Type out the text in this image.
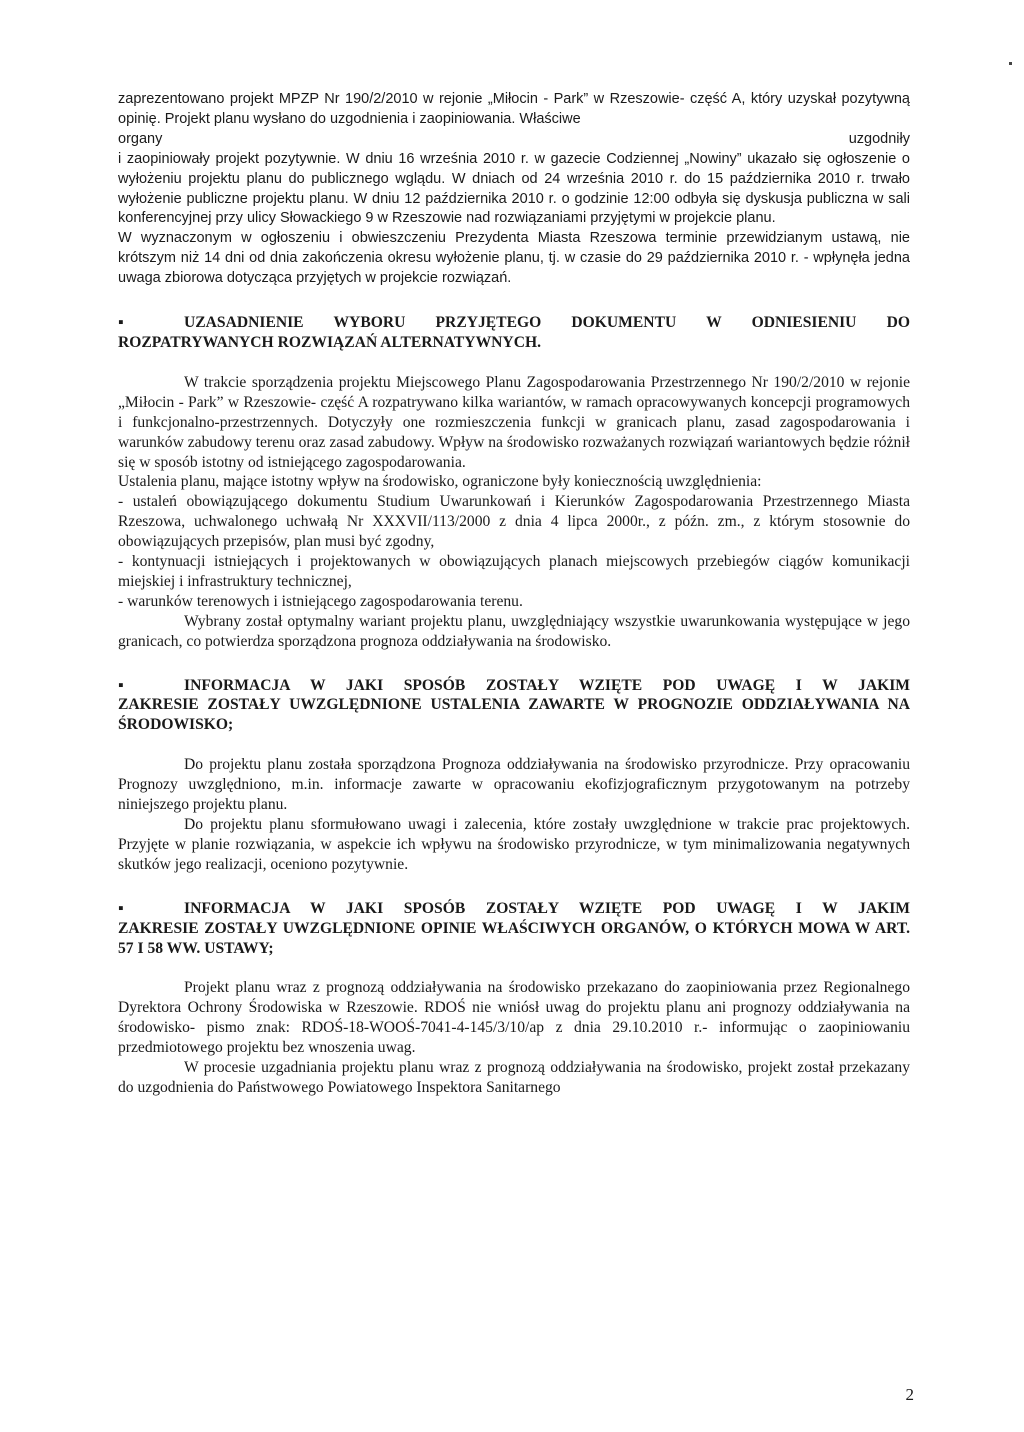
zaprezentowano projekt MPZP Nr 190/2/2010 w rejonie „Miłocin - Park” w Rzeszowie- część A, który uzyskał pozytywną opinię. Projekt planu wysłano do uzgodnienia i zaopiniowania. Właściwe

organy	uzgodniły

i zaopiniowały projekt pozytywnie. W dniu 16 września 2010 r. w gazecie Codziennej „Nowiny” ukazało się ogłoszenie o wyłożeniu projektu planu do publicznego wglądu. W dniach od 24 września 2010 r. do 15 października 2010 r. trwało wyłożenie publiczne projektu planu. W dniu 12 października 2010 r. o godzinie 12:00 odbyła się dyskusja publiczna w sali konferencyjnej przy ulicy Słowackiego 9 w Rzeszowie nad rozwiązaniami przyjętymi w projekcie planu.

W wyznaczonym w ogłoszeniu i obwieszczeniu Prezydenta Miasta Rzeszowa terminie przewidzianym ustawą, nie krótszym niż 14 dni od dnia zakończenia okresu wyłożenie planu, tj. w czasie do 29 października 2010 r. - wpłynęła jedna uwaga zbiorowa dotycząca przyjętych w projekcie rozwiązań.

▪	UZASADNIENIE WYBORU PRZYJĘTEGO DOKUMENTU W ODNIESIENIU DO
ROZPATRYWANYCH ROZWIĄZAŃ ALTERNATYWNYCH.

W trakcie sporządzenia projektu Miejscowego Planu Zagospodarowania Przestrzennego Nr 190/2/2010 w rejonie „Miłocin - Park” w Rzeszowie- część A rozpatrywano kilka wariantów, w ramach opracowywanych koncepcji programowych i funkcjonalno-przestrzennych. Dotyczyły one rozmieszczenia funkcji w granicach planu, zasad zagospodarowania i warunków zabudowy terenu oraz zasad zabudowy. Wpływ na środowisko rozważanych rozwiązań wariantowych będzie różnił się w sposób istotny od istniejącego zagospodarowania.

Ustalenia planu, mające istotny wpływ na środowisko, ograniczone były koniecznością uwzględnienia:

- ustaleń obowiązującego dokumentu Studium Uwarunkowań i Kierunków Zagospodarowania Przestrzennego Miasta Rzeszowa, uchwalonego uchwałą Nr XXXVII/113/2000 z dnia 4 lipca 2000r., z późn. zm., z którym stosownie do obowiązujących przepisów, plan musi być zgodny,

- kontynuacji istniejących i projektowanych w obowiązujących planach miejscowych przebiegów ciągów komunikacji miejskiej i infrastruktury technicznej,

- warunków terenowych i istniejącego zagospodarowania terenu.

Wybrany został optymalny wariant projektu planu, uwzględniający wszystkie uwarunkowania występujące w jego granicach, co potwierdza sporządzona prognoza oddziaływania na środowisko.

▪	INFORMACJA W JAKI SPOSÓB ZOSTAŁY WZIĘTE POD UWAGĘ I W JAKIM
ZAKRESIE ZOSTAŁY UWZGLĘDNIONE USTALENIA ZAWARTE W PROGNOZIE ODDZIAŁYWANIA NA ŚRODOWISKO;

Do projektu planu została sporządzona Prognoza oddziaływania na środowisko przyrodnicze. Przy opracowaniu Prognozy uwzględniono, m.in. informacje zawarte w opracowaniu ekofizjograficznym przygotowanym na potrzeby niniejszego projektu planu.

Do projektu planu sformułowano uwagi i zalecenia, które zostały uwzględnione w trakcie prac projektowych. Przyjęte w planie rozwiązania, w aspekcie ich wpływu na środowisko przyrodnicze, w tym minimalizowania negatywnych skutków jego realizacji, oceniono pozytywnie.

▪	INFORMACJA W JAKI SPOSÓB ZOSTAŁY WZIĘTE POD UWAGĘ I W JAKIM
ZAKRESIE ZOSTAŁY UWZGLĘDNIONE OPINIE WŁAŚCIWYCH ORGANÓW, O KTÓRYCH MOWA W ART. 57 I 58 WW. USTAWY;

Projekt planu wraz z prognozą oddziaływania na środowisko przekazano do zaopiniowania przez Regionalnego Dyrektora Ochrony Środowiska w Rzeszowie. RDOŚ nie wniósł uwag do projektu planu ani prognozy oddziaływania na środowisko- pismo znak: RDOŚ-18-WOOŚ-7041-4-145/3/10/ap z dnia 29.10.2010 r.- informując o zaopiniowaniu przedmiotowego projektu bez wnoszenia uwag.

W procesie uzgadniania projektu planu wraz z prognozą oddziaływania na środowisko, projekt został przekazany do uzgodnienia do Państwowego Powiatowego Inspektora Sanitarnego

2
